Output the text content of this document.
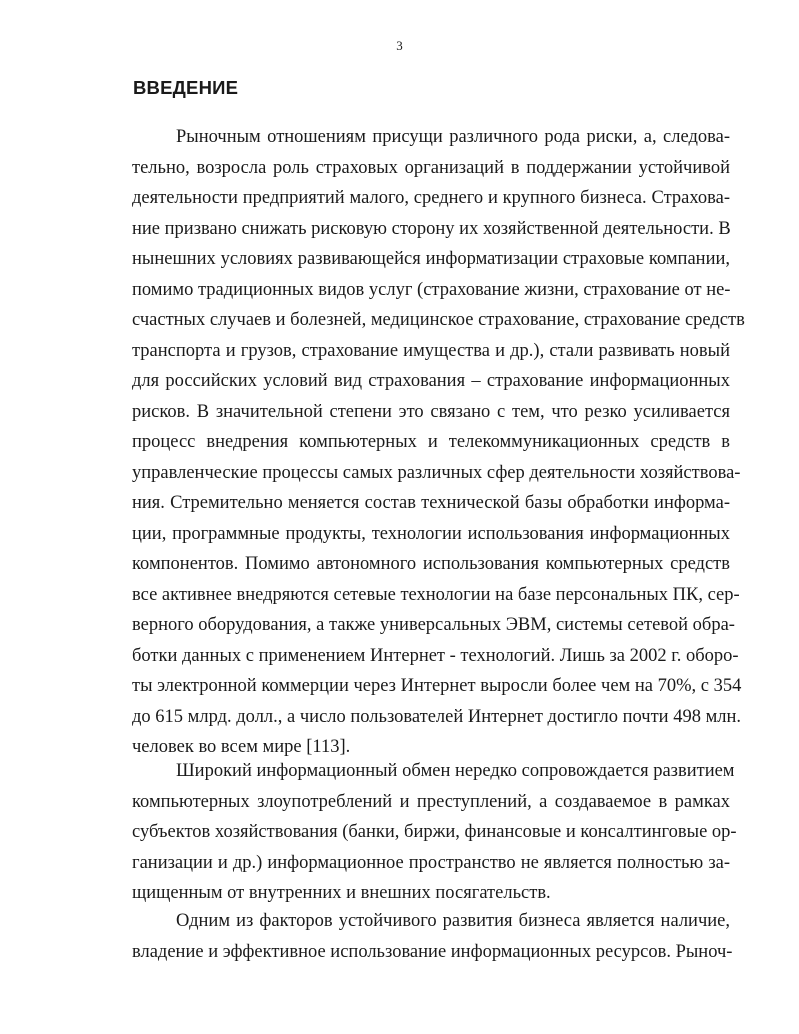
3
ВВЕДЕНИЕ
Рыночным отношениям присущи различного рода риски, а, следова-
тельно, возросла роль страховых организаций в поддержании устойчивой
деятельности предприятий малого, среднего и крупного бизнеса. Страхова-
ние призвано снижать рисковую сторону их хозяйственной деятельности. В
нынешних условиях развивающейся информатизации страховые компании,
помимо традиционных видов услуг (страхование жизни, страхование от не-
счастных случаев и болезней, медицинское страхование, страхование средств
транспорта и грузов, страхование имущества и др.), стали развивать новый
для российских условий вид страхования – страхование информационных
рисков. В значительной степени это связано с тем, что резко усиливается
процесс внедрения компьютерных и телекоммуникационных средств в
управленческие процессы самых различных сфер деятельности хозяйствова-
ния. Стремительно меняется состав технической базы обработки информа-
ции, программные продукты, технологии использования информационных
компонентов. Помимо автономного использования компьютерных средств
все активнее внедряются сетевые технологии на базе персональных ПК, сер-
верного оборудования, а также универсальных ЭВМ, системы сетевой обра-
ботки данных с применением Интернет - технологий. Лишь за 2002 г. оборо-
ты электронной коммерции через Интернет выросли более чем на 70%, с 354
до 615 млрд. долл., а число пользователей Интернет достигло почти 498 млн.
человек во всем мире [113].
Широкий информационный обмен нередко сопровождается развитием
компьютерных злоупотреблений и преступлений, а создаваемое в рамках
субъектов хозяйствования (банки, биржи, финансовые и консалтинговые ор-
ганизации и др.) информационное пространство не является полностью за-
щищенным от внутренних и внешних посягательств.
Одним из факторов устойчивого развития бизнеса является наличие,
владение и эффективное использование информационных ресурсов. Рыноч-
